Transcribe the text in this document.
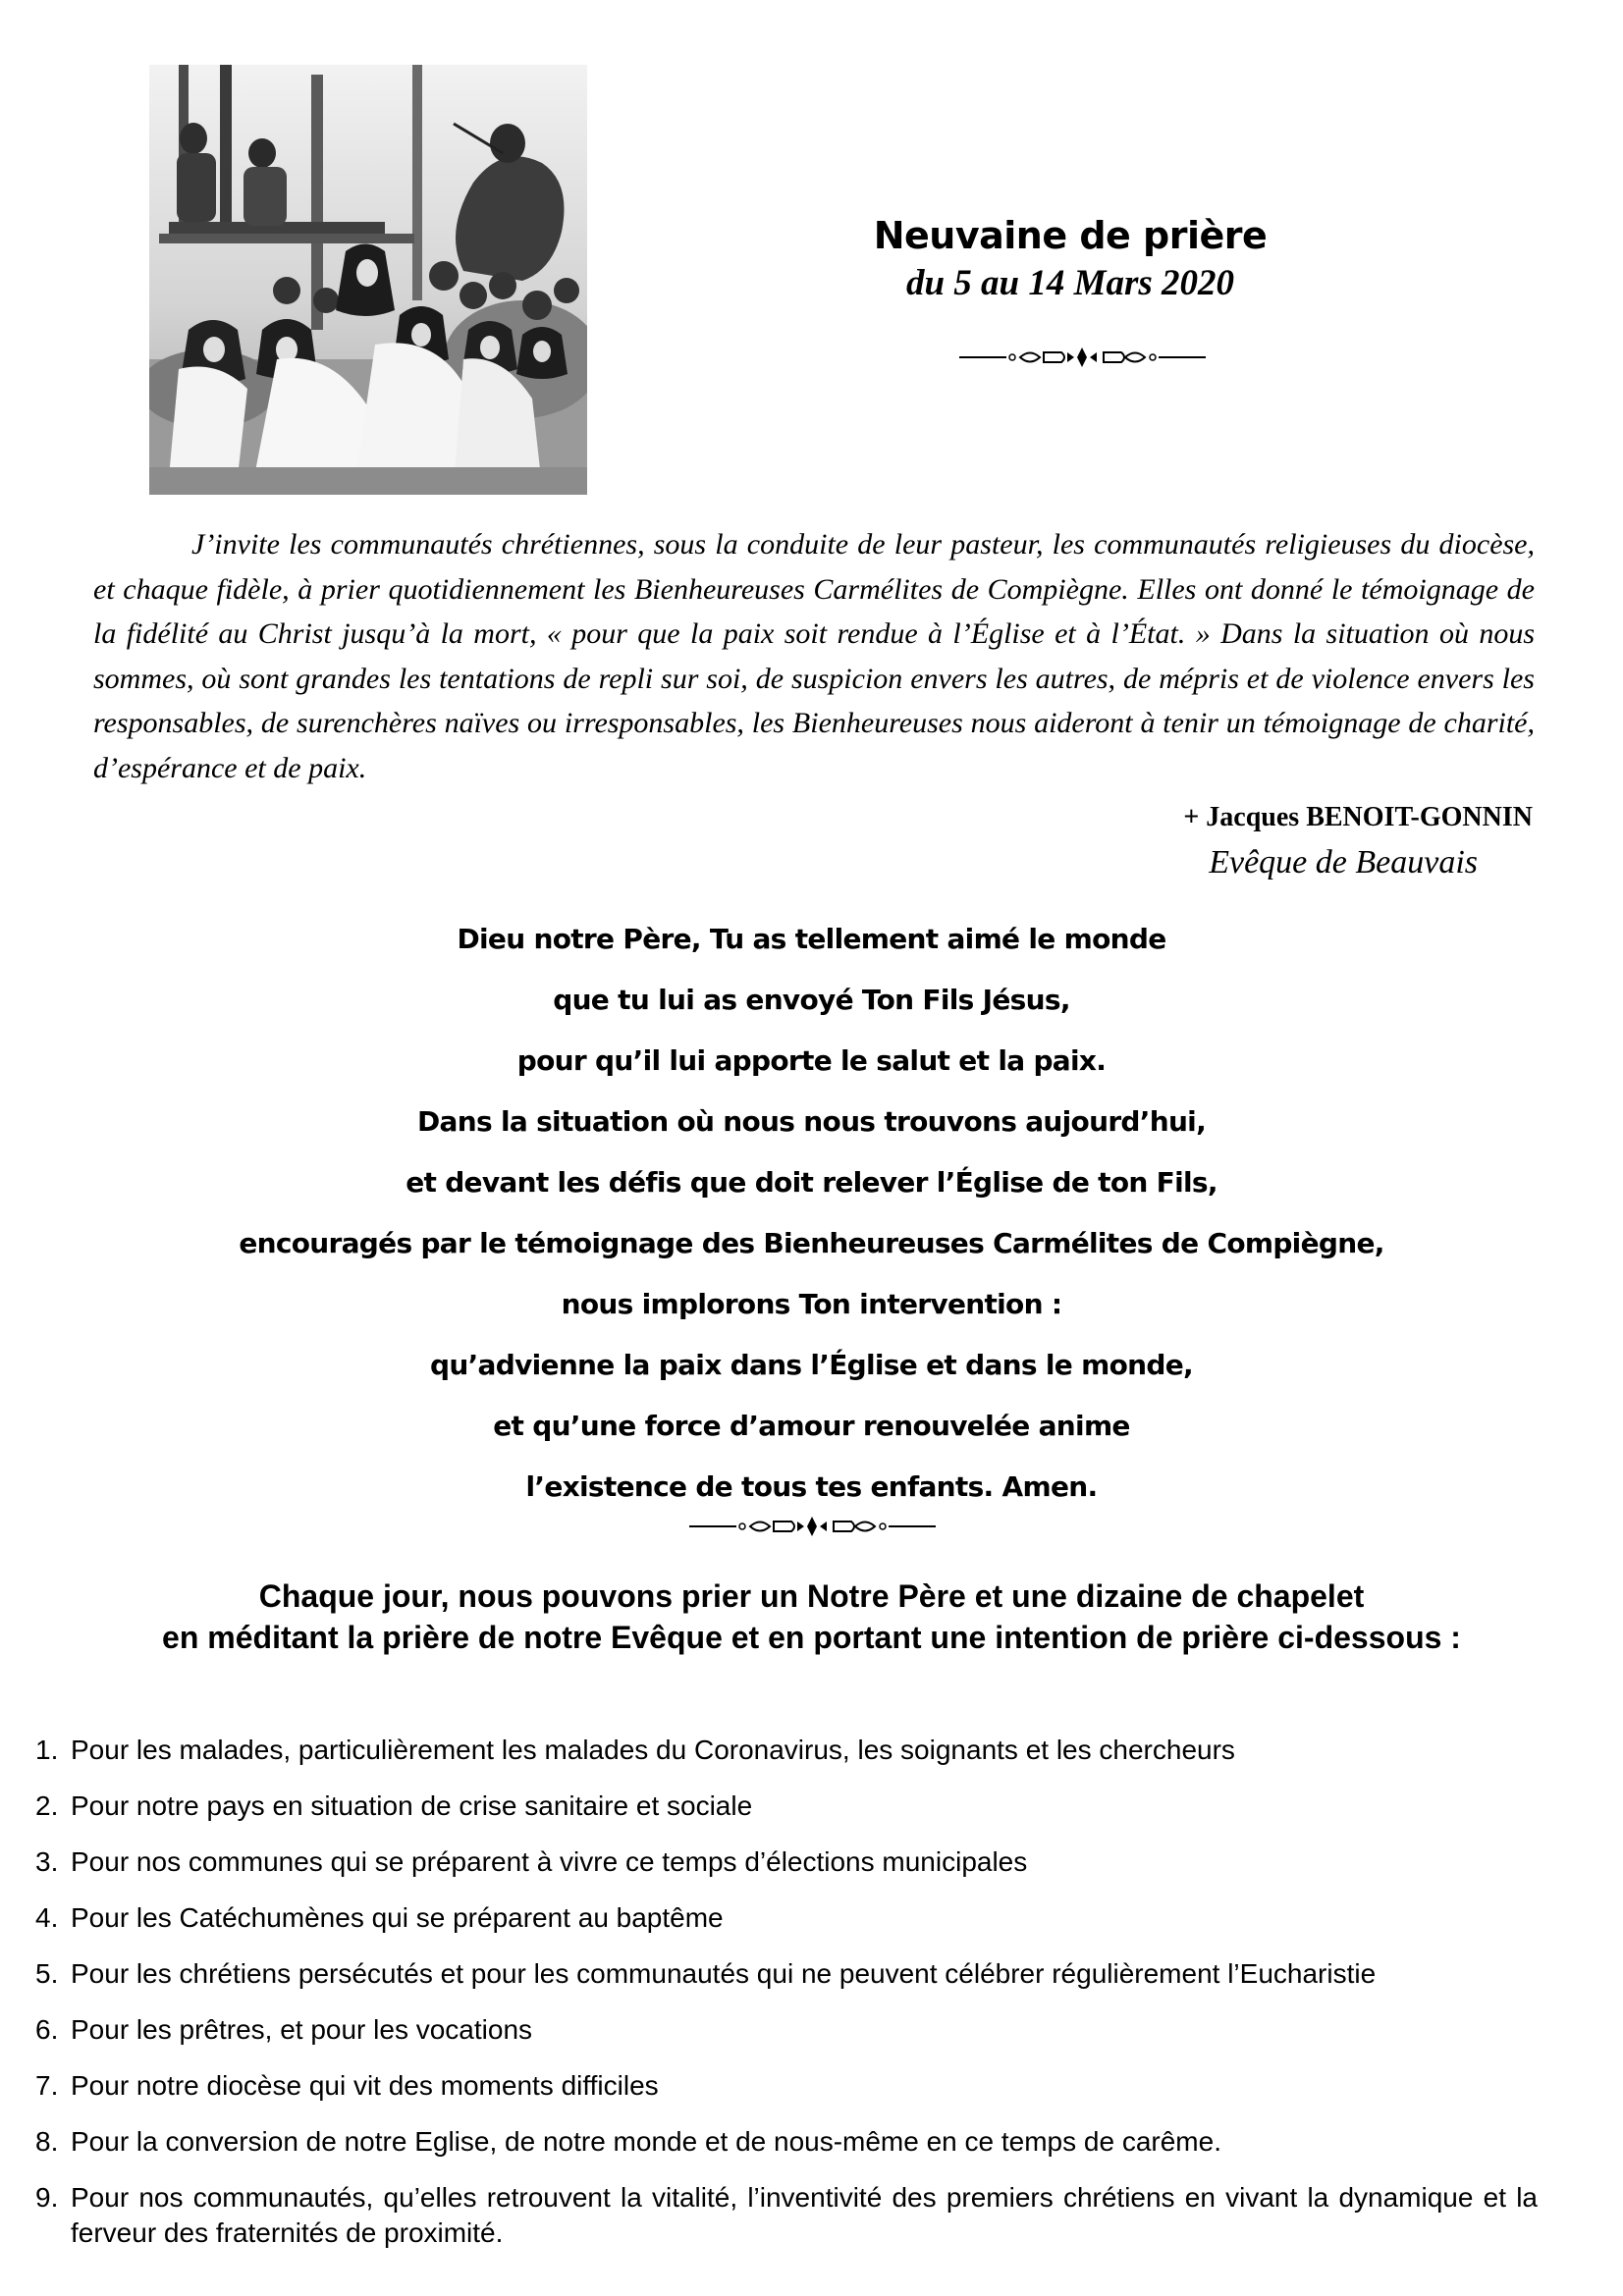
Neuvaine de prière
du 5 au 14 Mars 2020

J’invite les communautés chrétiennes, sous la conduite de leur pasteur, les communautés religieuses du diocèse, et chaque fidèle, à prier quotidiennement les Bienheureuses Carmélites de Compiègne. Elles ont donné le témoignage de la fidélité au Christ jusqu’à la mort, « pour que la paix soit rendue à l’Église et à l’État. » Dans la situation où nous sommes, où sont grandes les tentations de repli sur soi, de suspicion envers les autres, de mépris et de violence envers les responsables, de surenchères naïves ou irresponsables, les Bienheureuses nous aideront à tenir un témoignage de charité, d’espérance et de paix.

+ Jacques BENOIT-GONNIN
Evêque de Beauvais
Dieu notre Père, Tu as tellement aimé le monde
que tu lui as envoyé Ton Fils Jésus,
pour qu’il lui apporte le salut et la paix.
Dans la situation où nous nous trouvons aujourd’hui,
et devant les défis que doit relever l’Église de ton Fils,
encouragés par le témoignage des Bienheureuses Carmélites de Compiègne,
nous implorons Ton intervention :
qu’advienne la paix dans l’Église et dans le monde,
et qu’une force d’amour renouvelée anime
l’existence de tous tes enfants. Amen.
Chaque jour, nous pouvons prier un Notre Père et une dizaine de chapelet
en méditant la prière de notre Evêque et en portant une intention de prière ci-dessous :
1. Pour les malades, particulièrement les malades du Coronavirus, les soignants et les chercheurs
2. Pour notre pays en situation de crise sanitaire et sociale
3. Pour nos communes qui se préparent à vivre ce temps d’élections municipales
4. Pour les Catéchumènes qui se préparent au baptême
5. Pour les chrétiens persécutés et pour les communautés qui ne peuvent célébrer régulièrement l’Eucharistie
6. Pour les prêtres, et pour les vocations
7. Pour notre diocèse qui vit des moments difficiles
8. Pour la conversion de notre Eglise, de notre monde et de nous-même en ce temps de carême.
9. Pour nos communautés, qu’elles retrouvent la vitalité, l’inventivité des premiers chrétiens en vivant la dynamique et la ferveur des fraternités de proximité.
